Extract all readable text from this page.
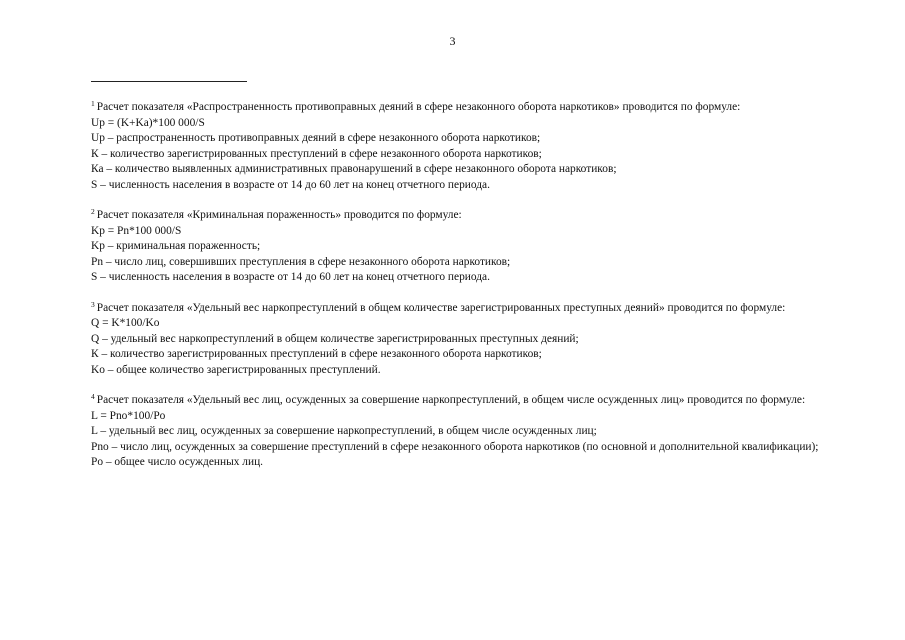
3
$^1$ Расчет показателя «Распространенность противоправных деяний в сфере незаконного оборота наркотиков» проводится по формуле:
Up = (K+Ka)*100 000/S
Up – распространенность противоправных деяний в сфере незаконного оборота наркотиков;
К – количество зарегистрированных преступлений в сфере незаконного оборота наркотиков;
Ка – количество выявленных административных правонарушений в сфере незаконного оборота наркотиков;
S – численность населения в возрасте от 14 до 60 лет на конец отчетного периода.
$^2$ Расчет показателя «Криминальная пораженность» проводится по формуле:
Kp = Pn*100 000/S
Kp – криминальная пораженность;
Pn – число лиц, совершивших преступления в сфере незаконного оборота наркотиков;
S – численность населения в возрасте от 14 до 60 лет на конец отчетного периода.
$^3$ Расчет показателя «Удельный вес наркопреступлений в общем количестве зарегистрированных преступных деяний» проводится по формуле:
Q = K*100/Ko
Q – удельный вес наркопреступлений в общем количестве зарегистрированных преступных деяний;
К – количество зарегистрированных преступлений в сфере незаконного оборота наркотиков;
Ko – общее количество зарегистрированных преступлений.
$^4$ Расчет показателя «Удельный вес лиц, осужденных за совершение наркопреступлений, в общем числе осужденных лиц» проводится по формуле:
L = Pno*100/Po
L – удельный вес лиц, осужденных за совершение наркопреступлений, в общем числе осужденных лиц;
Pno – число лиц, осужденных за совершение преступлений в сфере незаконного оборота наркотиков (по основной и дополнительной квалификации);
Po – общее число осужденных лиц.
